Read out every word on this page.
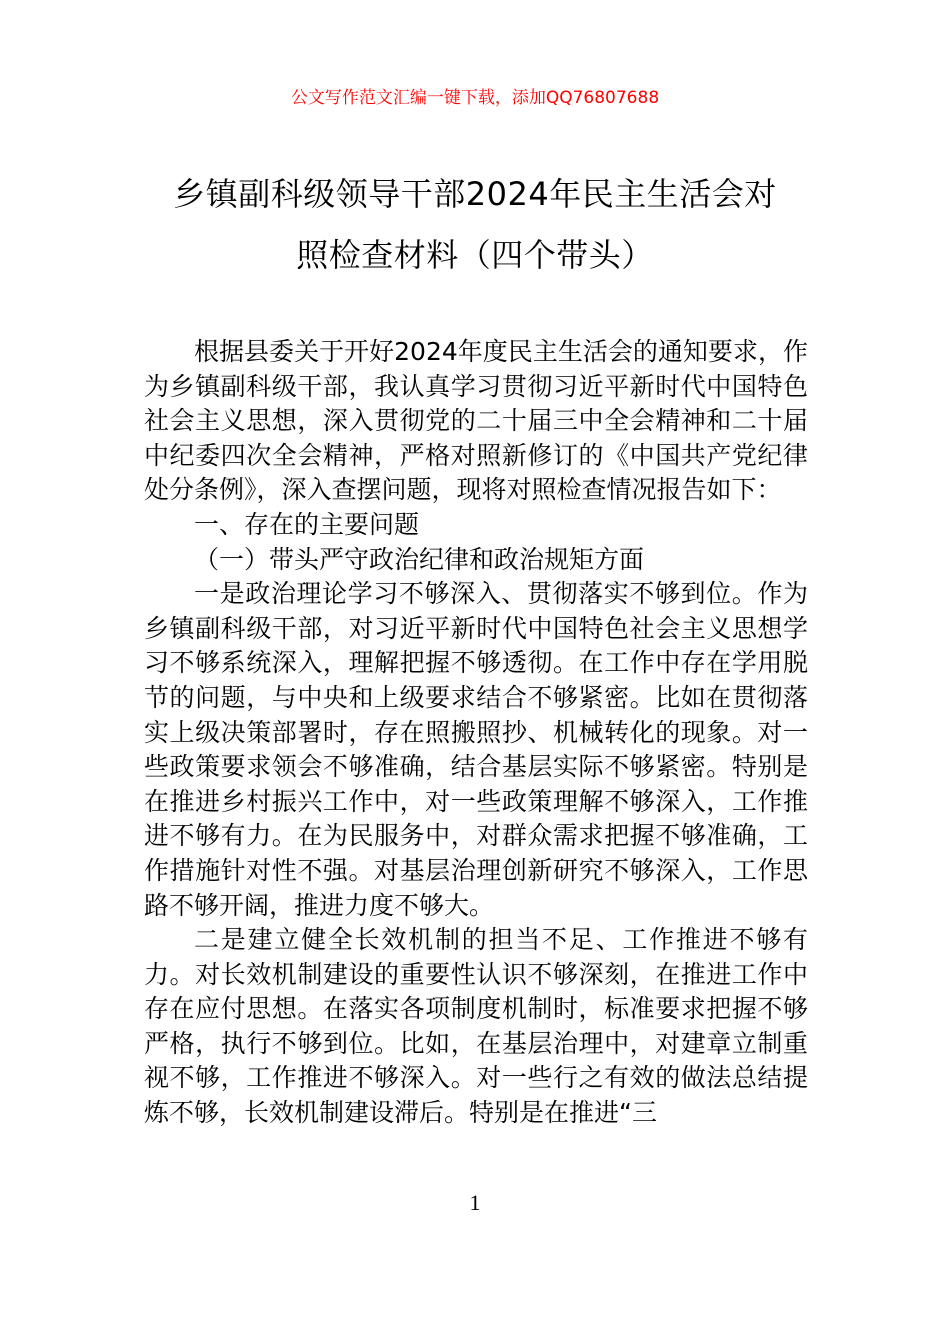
公文写作范文汇编一键下载，添加QQ76807688
乡镇副科级领导干部2024年民主生活会对
照检查材料（四个带头）

根据县委关于开好2024年度民主生活会的通知要求，作为乡镇副科级干部，我认真学习贯彻习近平新时代中国特色社会主义思想，深入贯彻党的二十届三中全会精神和二十届中纪委四次全会精神，严格对照新修订的《中国共产党纪律处分条例》，深入查摆问题，现将对照检查情况报告如下：

一、存在的主要问题

（一）带头严守政治纪律和政治规矩方面

一是政治理论学习不够深入、贯彻落实不够到位。作为乡镇副科级干部，对习近平新时代中国特色社会主义思想学习不够系统深入，理解把握不够透彻。在工作中存在学用脱节的问题，与中央和上级要求结合不够紧密。比如在贯彻落实上级决策部署时，存在照搬照抄、机械转化的现象。对一些政策要求领会不够准确，结合基层实际不够紧密。特别是在推进乡村振兴工作中，对一些政策理解不够深入，工作推进不够有力。在为民服务中，对群众需求把握不够准确，工作措施针对性不强。对基层治理创新研究不够深入，工作思路不够开阔，推进力度不够大。

二是建立健全长效机制的担当不足、工作推进不够有力。对长效机制建设的重要性认识不够深刻，在推进工作中存在应付思想。在落实各项制度机制时，标准要求把握不够严格，执行不够到位。比如，在基层治理中，对建章立制重视不够，工作推进不够深入。对一些行之有效的做法总结提炼不够，长效机制建设滞后。特别是在推进“三

1
